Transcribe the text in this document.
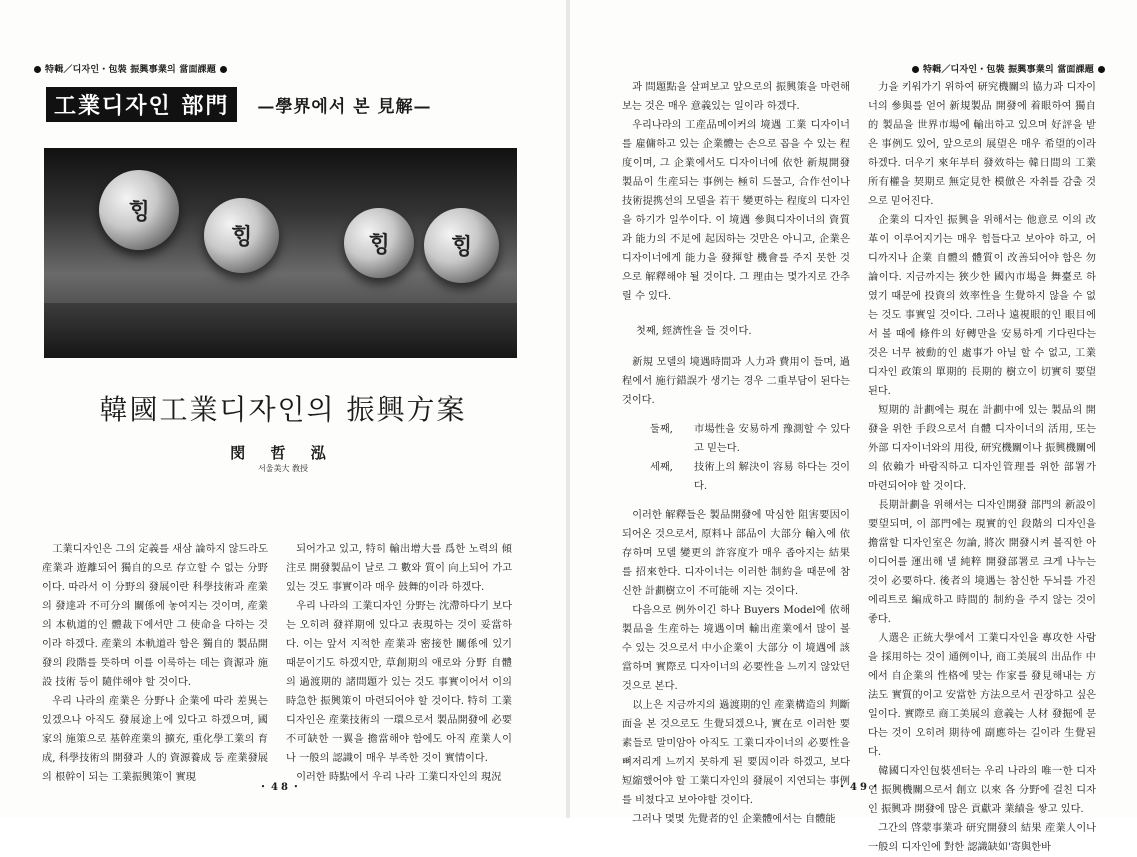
特輯／디자인・包裝 振興事業의 當面課題
工業디자인 部門	—學界에서 본 見解—
ᄒᆡᆼ
ᄒᆡᆼ	ᄒᆡᆼ	ᄒᆡᆼ
韓國工業디자인의 振興方案
閔 哲 泓
서울美大 敎授

工業디자인은 그의 定義를 새삼 論하지 않드라도 産業과 遊離되어 獨自的으로 存立할 수 없는 分野이다. 따라서 이 分野의 發展이란 科學技術과 産業의 發達과 不可分의 關係에 놓여지는 것이며, 産業의 本軌道的인 體裁下에서만 그 使命을 다하는 것이라 하겠다. 産業의 本軌道라 함은 獨自的 製品開發의 段階를 뜻하며 이를 이룩하는 데는 資源과 施設 技術 등이 隨伴해야 할 것이다.

우리 나라의 産業은 分野나 企業에 따라 差異는 있겠으나 아직도 發展途上에 있다고 하겠으며, 國家의 施策으로 基幹産業의 擴充, 重化學工業의 育成, 科學技術의 開發과 人的 資源養成 등 産業發展의 根幹이 되는 工業振興策이 實現

되어가고 있고, 特히 輸出增大를 爲한 노력의 傾注로 開發製品이 날로 그 數와 質이 向上되어 가고 있는 것도 事實이라 매우 鼓舞的이라 하겠다.

우리 나라의 工業디자인 分野는 沈滯하다기 보다는 오히려 發祥期에 있다고 表現하는 것이 妥當하다. 이는 앞서 지적한 産業과 密接한 關係에 있기 때문이기도 하겠지만, 草創期의 애로와 分野 自體의 過渡期的 諸問題가 있는 것도 事實이어서 이의 時急한 振興策이 마련되어야 할 것이다. 特히 工業디자인은 産業技術의 一環으로서 製品開發에 必要不可缺한 一翼을 擔當해야 함에도 아직 産業人이나 一般의 認識이 매우 부족한 것이 實情이다.

이러한 時點에서 우리 나라 工業디자인의 現況

・48・
特輯／디자인・包裝 振興事業의 當面課題

과 問題點을 살펴보고 앞으로의 振興策을 마련해 보는 것은 매우 意義있는 일이라 하겠다.

우리나라의 工産品메이커의 境遇 工業 디자이너를 雇傭하고 있는 企業體는 손으로 꼽을 수 있는 程度이며, 그 企業에서도 디자이너에 依한 新規開發製品이 生産되는 事例는 極히 드물고, 合作선이나 技術提携선의 모델을 若干 變更하는 程度의 디자인을 하기가 일쑤이다. 이 境遇 參與디자이너의 資質과 能力의 不足에 起因하는 것만은 아니고, 企業은 디자이너에게 能力을 發揮할 機會를 주지 못한 것으로 解釋해야 될 것이다. 그 理由는 몇가지로 간추릴 수 있다.

첫째, 經濟性을 들 것이다.

新規 모델의 境遇時間과 人力과 費用이 들며, 過程에서 施行錯誤가 생기는 경우 二重부담이 된다는 것이다.

둘째, 市場性을 安易하게 豫測할 수 있다고 믿는다.

세째, 技術上의 解決이 容易 하다는 것이다.

이러한 解釋들은 製品開發에 막심한 阻害要因이 되어온 것으로서, 原料나 部品이 大部分 輸入에 依存하며 모델 變更의 許容度가 매우 좁아지는 結果를 招來한다. 디자이너는 이러한 制約을 때문에 참신한 計劃樹立이 不可能해 지는 것이다.

다음으로 例外이긴 하나 Buyers Model에 依해 製品을 生産하는 境遇이며 輸出産業에서 많이 볼 수 있는 것으로서 中小企業이 大部分 이 境遇에 該當하며 實際로 디자이너의 必要性을 느끼지 않았던 것으로 본다.

以上은 지금까지의 過渡期的인 産業構造의 判斷面을 본 것으로도 生覺되겠으나, 實在로 이러한 要素들로 말미암아 아직도 工業디자이너의 必要性을 뼈저리게 느끼지 못하게 된 要因이라 하겠고, 보다 短縮했어야 할 工業디자인의 發展이 지연되는 事例를 비쳤다고 보아야할 것이다.

그러나 몇몇 先覺者的인 企業體에서는 自體能

力을 키워가기 위하여 研究機關의 協力과 디자이너의 參與를 얻어 新規製品 開發에 着眼하여 獨自的 製品을 世界市場에 輸出하고 있으며 好評을 받은 事例도 있어, 앞으로의 展望은 매우 希望的이라 하겠다. 더우기 來年부터 發效하는 韓日間의 工業所有權을 契期로 無定見한 模倣은 자취를 감출 것으로 믿어진다.

企業의 디자인 振興을 위해서는 他意로 이의 改革이 이루어지기는 매우 힘들다고 보아야 하고, 어디까지나 企業 自體의 體質이 改善되어야 함은 勿論이다. 지금까지는 狹少한 國內市場을 舞臺로 하였기 때문에 投資의 效率性을 生覺하지 않을 수 없는 것도 事實일 것이다. 그러나 遠視眼的인 眼目에서 볼 때에 條件의 好轉만을 安易하게 기다린다는 것은 너무 被動的인 處事가 아닐 할 수 없고, 工業디자인 政策의 單期的 長期的 樹立이 切實히 要望된다.

短期的 計劃에는 現在 計劃中에 있는 製品의 開發을 위한 手段으로서 自體 디자이너의 活用, 또는 外部 디자이너와의 用役, 研究機關이나 振興機關에의 依賴가 바람직하고 디자인管理를 위한 部署가 마련되어야 할 것이다.

長期計劃을 위해서는 디자인開發 部門의 新設이 要望되며, 이 部門에는 現實的인 段階의 디자인을 擔當할 디자인室은 勿論, 將次 開發시켜 볼직한 아이디어를 運出해 낼 純粹 開發部署로 크게 나누는 것이 必要하다. 後者의 境遇는 참신한 두뇌를 가진 에리트로 編成하고 時間的 制約을 주지 않는 것이 좋다.

人選은 正統大學에서 工業디자인을 專攻한 사람을 採用하는 것이 通例이나, 商工美展의 出品作 中에서 自企業의 性格에 맞는 作家를 發見해내는 方法도 實質的이고 安當한 方法으로서 권장하고 싶은 일이다. 實際로 商工美展의 意義는 人材 發掘에 문다는 것이 오히려 期待에 副應하는 길이라 生覺된다.

韓國디자인包裝센터는 우리 나라의 唯一한 디자인 振興機關으로서 創立 以來 各 分野에 걸친 디자인 振興과 開發에 많은 貢獻과 業績을 쌓고 있다.

그간의 啓蒙事業과 研究開發의 結果 産業人이나 一般의 디자인에 對한 認識缺如'寄與한바

・49・
